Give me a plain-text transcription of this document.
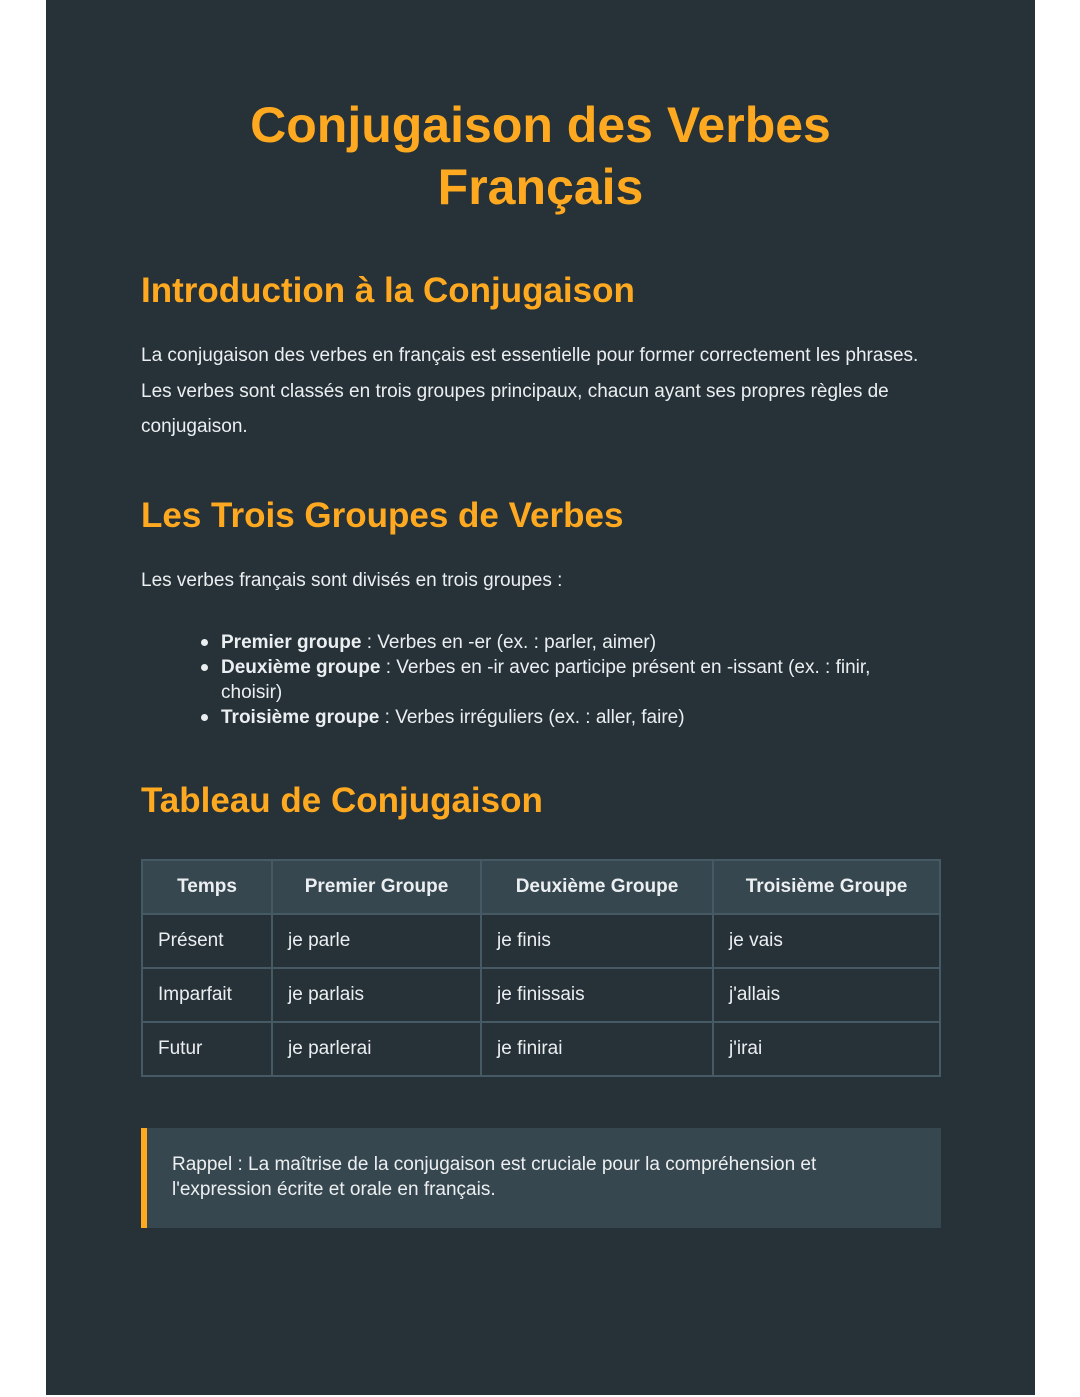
Conjugaison des Verbes Français
Introduction à la Conjugaison

La conjugaison des verbes en français est essentielle pour former correctement les phrases. Les verbes sont classés en trois groupes principaux, chacun ayant ses propres règles de conjugaison.

Les Trois Groupes de Verbes

Les verbes français sont divisés en trois groupes :

Premier groupe : Verbes en -er (ex. : parler, aimer)
Deuxième groupe : Verbes en -ir avec participe présent en -issant (ex. : finir, choisir)
Troisième groupe : Verbes irréguliers (ex. : aller, faire)
Tableau de Conjugaison
Temps	Premier Groupe	Deuxième Groupe	Troisième Groupe
Présent	je parle	je finis	je vais
Imparfait	je parlais	je finissais	j'allais
Futur	je parlerai	je finirai	j'irai
Rappel : La maîtrise de la conjugaison est cruciale pour la compréhension et l'expression écrite et orale en français.
